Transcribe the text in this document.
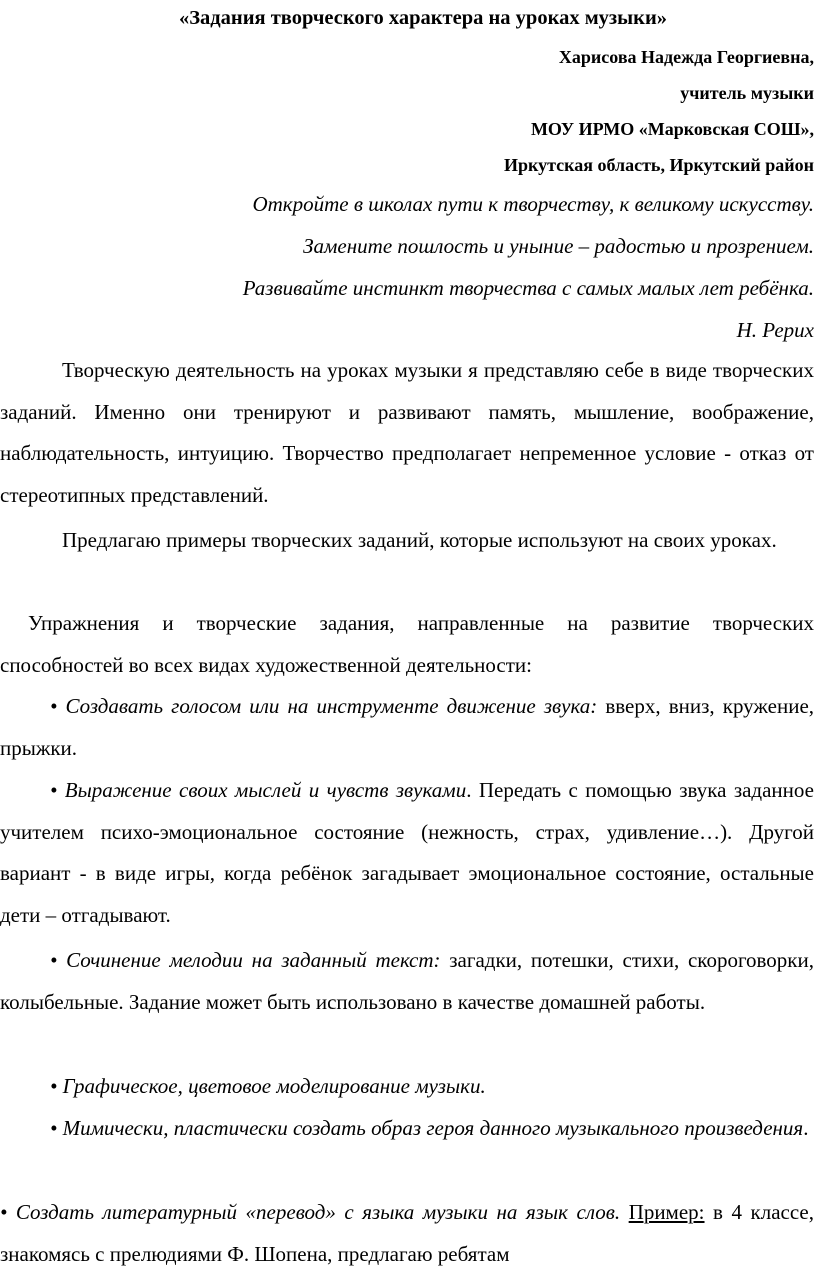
«Задания творческого характера на уроках музыки»
Харисова Надежда Георгиевна,
учитель музыки
МОУ ИРМО «Марковская СОШ»,
Иркутская область, Иркутский район
Откройте в школах пути к творчеству, к великому искусству.
Замените пошлость и уныние – радостью и прозрением.
Развивайте инстинкт творчества с самых малых лет ребёнка.
Н. Рерих
Творческую деятельность на уроках музыки я представляю себе в виде творческих заданий. Именно они тренируют и развивают память, мышление, воображение, наблюдательность, интуицию. Творчество предполагает непременное условие - отказ от стереотипных представлений.
Предлагаю примеры творческих заданий, которые используют на своих уроках.
Упражнения и творческие задания, направленные на развитие творческих способностей во всех видах художественной деятельности:
• Создавать голосом или на инструменте движение звука: вверх, вниз, кружение, прыжки.
• Выражение своих мыслей и чувств звуками. Передать с помощью звука заданное учителем психо-эмоциональное состояние (нежность, страх, удивление…). Другой вариант - в виде игры, когда ребёнок загадывает эмоциональное состояние, остальные дети – отгадывают.
• Сочинение мелодии на заданный текст: загадки, потешки, стихи, скороговорки, колыбельные. Задание может быть использовано в качестве домашней работы.
• Графическое, цветовое моделирование музыки.
• Мимически, пластически создать образ героя данного музыкального произведения.
• Создать литературный «перевод» с языка музыки на язык слов. Пример: в 4 классе, знакомясь с прелюдиями Ф. Шопена, предлагаю ребятам
